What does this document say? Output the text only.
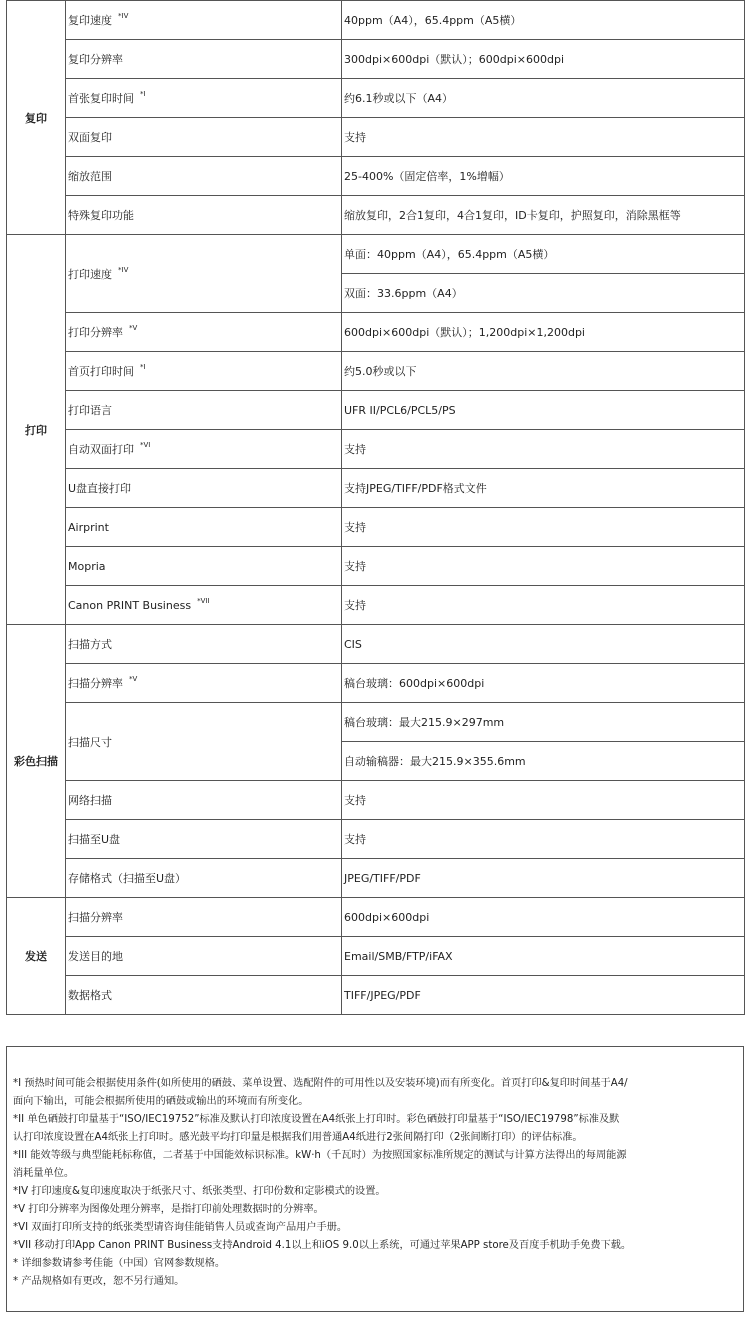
复印	复印速度 $^{*IV}$	40ppm（A4），65.4ppm（A5横）
	复印分辨率	300dpi×600dpi（默认）；600dpi×600dpi
	首张复印时间 $^{*Ⅰ}$	约6.1秒或以下（A4）
	双面复印	支持
	缩放范围	25-400%（固定倍率，1%增幅）
	特殊复印功能	缩放复印，2合1复印，4合1复印，ID卡复印，护照复印，消除黑框等
打印	打印速度 $^{*IV}$	单面：40ppm（A4），65.4ppm（A5横）
		双面：33.6ppm（A4）
	打印分辨率 $^{*V}$	600dpi×600dpi（默认）；1,200dpi×1,200dpi
	首页打印时间 $^{*Ⅰ}$	约5.0秒或以下
	打印语言	UFR II/PCL6/PCL5/PS
	自动双面打印 $^{*VI}$	支持
	U盘直接打印	支持JPEG/TIFF/PDF格式文件
	Airprint	支持
	Mopria	支持
	Canon PRINT Business $^{*VII}$	支持
彩色扫描	扫描方式	CIS
	扫描分辨率 $^{*V}$	稿台玻璃：600dpi×600dpi
	扫描尺寸	稿台玻璃：最大215.9×297mm
		自动输稿器：最大215.9×355.6mm
	网络扫描	支持
	扫描至U盘	支持
	存储格式（扫描至U盘）	JPEG/TIFF/PDF
发送	扫描分辨率	600dpi×600dpi
	发送目的地	Email/SMB/FTP/iFAX
	数据格式	TIFF/JPEG/PDF

*Ⅰ 预热时间可能会根据使用条件(如所使用的硒鼓、菜单设置、选配附件的可用性以及安装环境)而有所变化。首页打印&复印时间基于A4/

面向下输出，可能会根据所使用的硒鼓或输出的环境而有所变化。

*II 单色硒鼓打印量基于“ISO/IEC19752”标准及默认打印浓度设置在A4纸张上打印时。彩色硒鼓打印量基于“ISO/IEC19798”标准及默

认打印浓度设置在A4纸张上打印时。感光鼓平均打印量是根据我们用普通A4纸进行2张间隔打印（2张间断打印）的评估标准。

*III 能效等级与典型能耗标称值，二者基于中国能效标识标准。kW·h（千瓦时）为按照国家标准所规定的测试与计算方法得出的每周能源

消耗量单位。

*IV 打印速度&复印速度取决于纸张尺寸、纸张类型、打印份数和定影模式的设置。

*V 打印分辨率为图像处理分辨率，是指打印前处理数据时的分辨率。

*VI 双面打印所支持的纸张类型请咨询佳能销售人员或查询产品用户手册。

*VII 移动打印App Canon PRINT Business支持Android 4.1以上和iOS 9.0以上系统，可通过苹果APP store及百度手机助手免费下载。

* 详细参数请参考佳能（中国）官网参数规格。

* 产品规格如有更改，恕不另行通知。
